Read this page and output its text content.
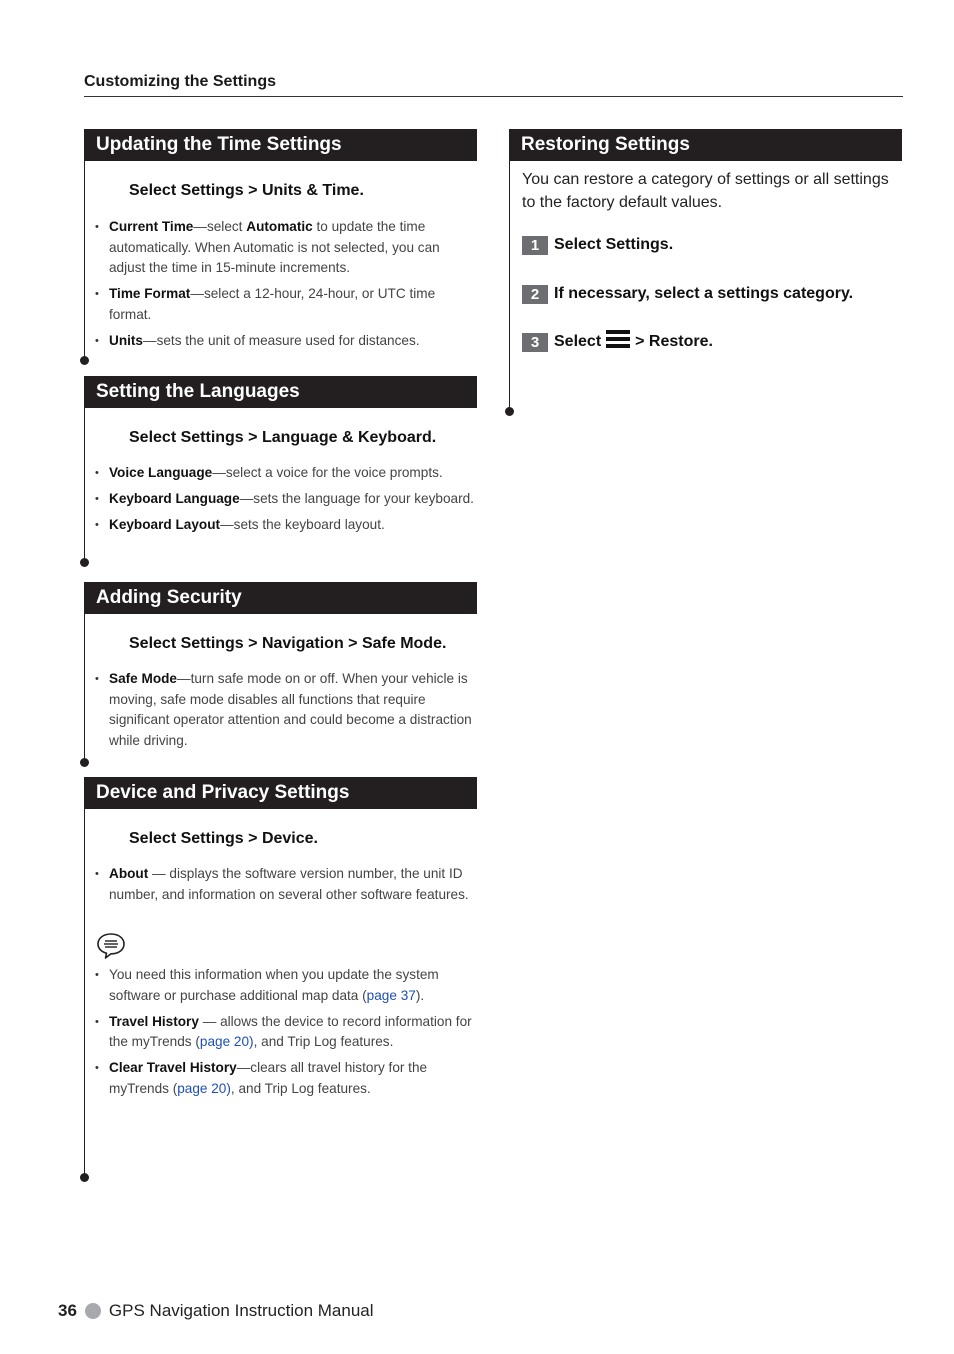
Customizing the Settings
Updating the Time Settings
Select Settings > Units & Time.
• Current Time—select Automatic to update the time automatically. When Automatic is not selected, you can adjust the time in 15-minute increments.
• Time Format—select a 12-hour, 24-hour, or UTC time format.
• Units—sets the unit of measure used for distances.
Setting the Languages
Select Settings > Language & Keyboard.
• Voice Language—select a voice for the voice prompts.
• Keyboard Language—sets the language for your keyboard.
• Keyboard Layout—sets the keyboard layout.
Adding Security
Select Settings > Navigation > Safe Mode.
• Safe Mode—turn safe mode on or off. When your vehicle is moving, safe mode disables all functions that require significant operator attention and could become a distraction while driving.
Device and Privacy Settings
Select Settings > Device.
• About — displays the software version number, the unit ID number, and information on several other software features.
• You need this information when you update the system software or purchase additional map data (page 37).
• Travel History — allows the device to record information for the myTrends (page 20), and Trip Log features.
• Clear Travel History—clears all travel history for the myTrends (page 20), and Trip Log features.
Restoring Settings
You can restore a category of settings or all settings to the factory default values.
1 Select Settings.
2 If necessary, select a settings category.
3 Select > Restore.
36 GPS Navigation Instruction Manual
